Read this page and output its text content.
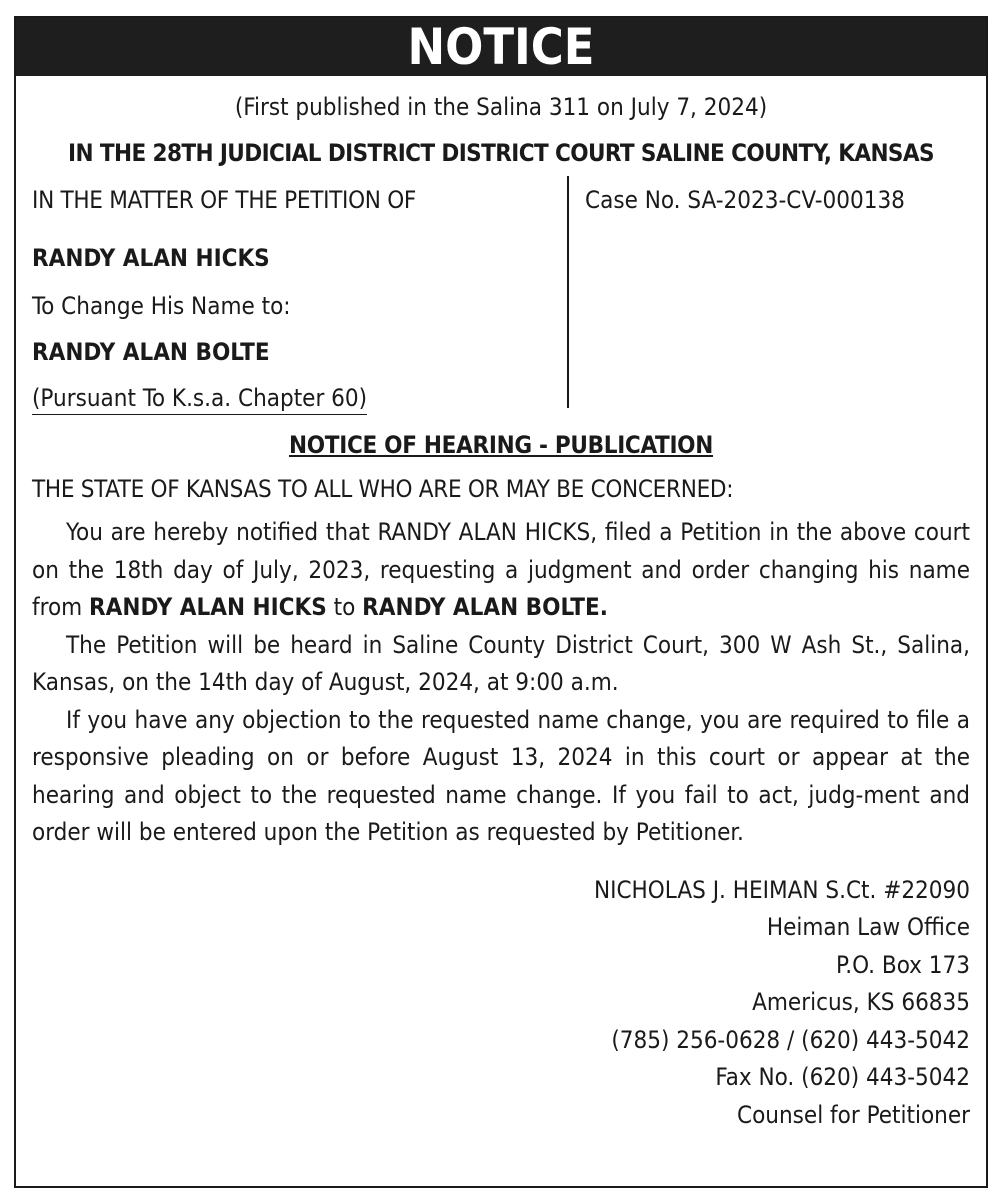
NOTICE
(First published in the Salina 311 on July 7, 2024)
IN THE 28TH JUDICIAL DISTRICT DISTRICT COURT SALINE COUNTY, KANSAS
IN THE MATTER OF THE PETITION OF
RANDY ALAN HICKS
To Change His Name to:
RANDY ALAN BOLTE
(Pursuant To K.s.a. Chapter 60)
Case No. SA-2023-CV-000138
NOTICE OF HEARING - PUBLICATION
THE STATE OF KANSAS TO ALL WHO ARE OR MAY BE CONCERNED:

You are hereby notified that RANDY ALAN HICKS, filed a Petition in the above court on the 18th day of July, 2023, requesting a judgment and order changing his name from RANDY ALAN HICKS to RANDY ALAN BOLTE.

The Petition will be heard in Saline County District Court, 300 W Ash St., Salina, Kansas, on the 14th day of August, 2024, at 9:00 a.m.

If you have any objection to the requested name change, you are required to file a responsive pleading on or before August 13, 2024 in this court or appear at the hearing and object to the requested name change. If you fail to act, judg-ment and order will be entered upon the Petition as requested by Petitioner.

NICHOLAS J. HEIMAN S.Ct. #22090
Heiman Law Office
P.O. Box 173
Americus, KS 66835
(785) 256-0628 / (620) 443-5042
Fax No. (620) 443-5042
Counsel for Petitioner
